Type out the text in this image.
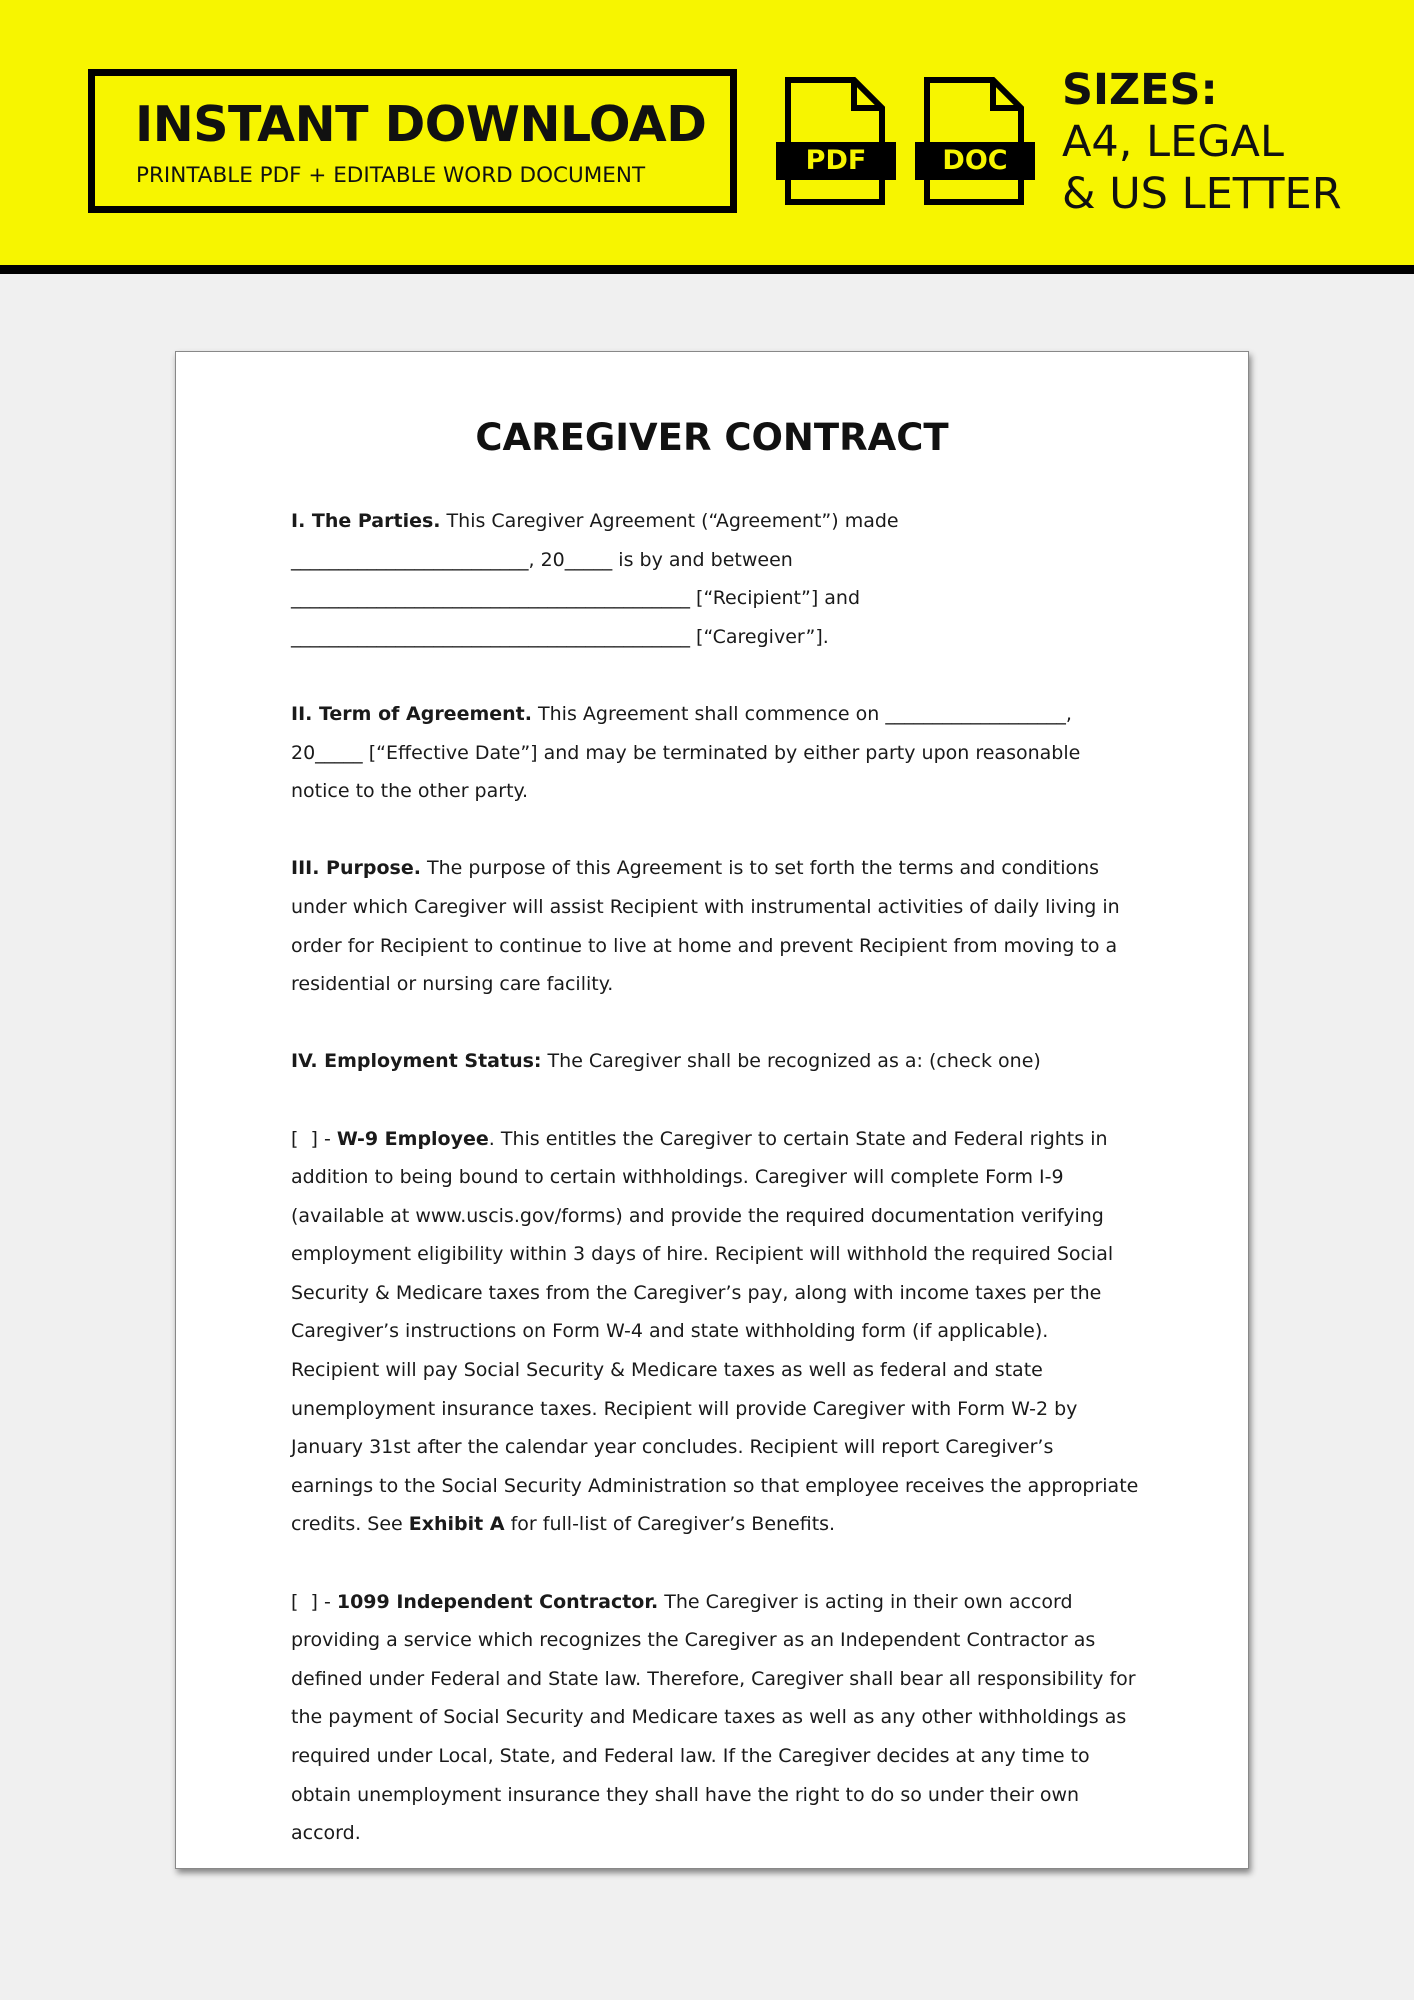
INSTANT DOWNLOAD
PRINTABLE PDF + EDITABLE WORD DOCUMENT	PDF	DOC
SIZES:
A4, LEGAL
& US LETTER
CAREGIVER CONTRACT

I. The Parties. This Caregiver Agreement (“Agreement”) made _________________________, 20_____ is by and between __________________________________________ [“Recipient”] and __________________________________________ [“Caregiver”].

II. Term of Agreement. This Agreement shall commence on ___________________, 20_____ [“Effective Date”] and may be terminated by either party upon reasonable notice to the other party.

III. Purpose. The purpose of this Agreement is to set forth the terms and conditions under which Caregiver will assist Recipient with instrumental activities of daily living in order for Recipient to continue to live at home and prevent Recipient from moving to a residential or nursing care facility.

IV. Employment Status: The Caregiver shall be recognized as a: (check one)

[  ] - W-9 Employee. This entitles the Caregiver to certain State and Federal rights in addition to being bound to certain withholdings. Caregiver will complete Form I-9 (available at www.uscis.gov/forms) and provide the required documentation verifying employment eligibility within 3 days of hire. Recipient will withhold the required Social Security & Medicare taxes from the Caregiver’s pay, along with income taxes per the Caregiver’s instructions on Form W-4 and state withholding form (if applicable). Recipient will pay Social Security & Medicare taxes as well as federal and state unemployment insurance taxes. Recipient will provide Caregiver with Form W-2 by January 31st after the calendar year concludes. Recipient will report Caregiver’s earnings to the Social Security Administration so that employee receives the appropriate credits. See Exhibit A for full-list of Caregiver’s Benefits.

[  ] - 1099 Independent Contractor. The Caregiver is acting in their own accord providing a service which recognizes the Caregiver as an Independent Contractor as defined under Federal and State law. Therefore, Caregiver shall bear all responsibility for the payment of Social Security and Medicare taxes as well as any other withholdings as required under Local, State, and Federal law. If the Caregiver decides at any time to obtain unemployment insurance they shall have the right to do so under their own accord.
